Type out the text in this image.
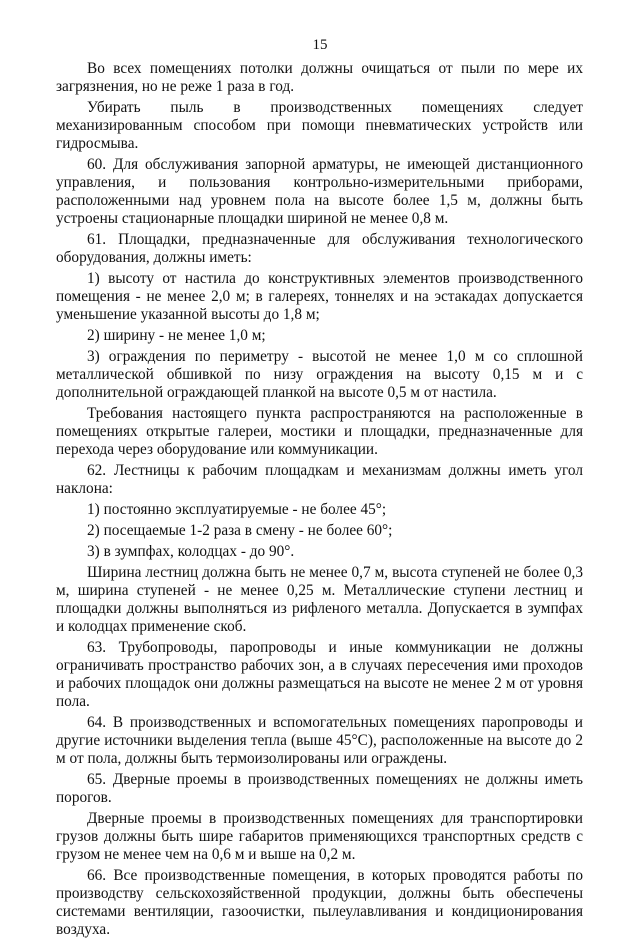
15

Во всех помещениях потолки должны очищаться от пыли по мере их загрязнения, но не реже 1 раза в год.

Убирать пыль в производственных помещениях следует механизированным способом при помощи пневматических устройств или гидросмыва.

60. Для обслуживания запорной арматуры, не имеющей дистанционного управления, и пользования контрольно-измерительными приборами, расположенными над уровнем пола на высоте более 1,5 м, должны быть устроены стационарные площадки шириной не менее 0,8 м.

61. Площадки, предназначенные для обслуживания технологического оборудования, должны иметь:

1) высоту от настила до конструктивных элементов производственного помещения - не менее 2,0 м; в галереях, тоннелях и на эстакадах допускается уменьшение указанной высоты до 1,8 м;

2) ширину - не менее 1,0 м;

3) ограждения по периметру - высотой не менее 1,0 м со сплошной металлической обшивкой по низу ограждения на высоту 0,15 м и с дополнительной ограждающей планкой на высоте 0,5 м от настила.

Требования настоящего пункта распространяются на расположенные в помещениях открытые галереи, мостики и площадки, предназначенные для перехода через оборудование или коммуникации.

62. Лестницы к рабочим площадкам и механизмам должны иметь угол наклона:

1) постоянно эксплуатируемые - не более 45°;

2) посещаемые 1-2 раза в смену - не более 60°;

3) в зумпфах, колодцах - до 90°.

Ширина лестниц должна быть не менее 0,7 м, высота ступеней не более 0,3 м, ширина ступеней - не менее 0,25 м. Металлические ступени лестниц и площадки должны выполняться из рифленого металла. Допускается в зумпфах и колодцах применение скоб.

63. Трубопроводы, паропроводы и иные коммуникации не должны ограничивать пространство рабочих зон, а в случаях пересечения ими проходов и рабочих площадок они должны размещаться на высоте не менее 2 м от уровня пола.

64. В производственных и вспомогательных помещениях паропроводы и другие источники выделения тепла (выше 45°С), расположенные на высоте до 2 м от пола, должны быть термоизолированы или ограждены.

65. Дверные проемы в производственных помещениях не должны иметь порогов.

Дверные проемы в производственных помещениях для транспортировки грузов должны быть шире габаритов применяющихся транспортных средств с грузом не менее чем на 0,6 м и выше на 0,2 м.

66. Все производственные помещения, в которых проводятся работы по производству сельскохозяйственной продукции, должны быть обеспечены системами вентиляции, газоочистки, пылеулавливания и кондиционирования воздуха.
